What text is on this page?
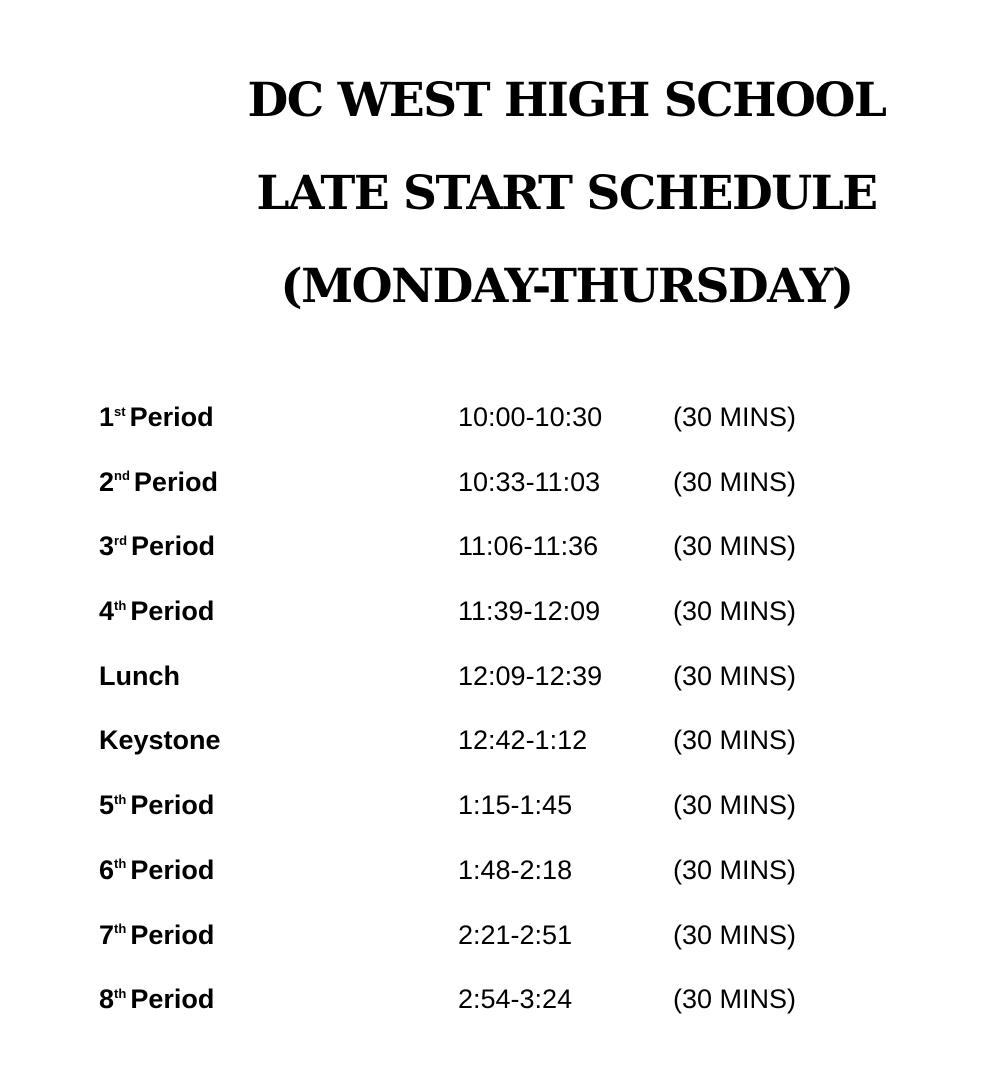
DC WEST HIGH SCHOOL
LATE START SCHEDULE
(MONDAY-THURSDAY)
1st Period	10:00-10:30	(30 MINS)
2nd Period	10:33-11:03	(30 MINS)
3rd Period	11:06-11:36	(30 MINS)
4th Period	11:39-12:09	(30 MINS)
Lunch	12:09-12:39	(30 MINS)
Keystone	12:42-1:12	(30 MINS)
5th Period	1:15-1:45	(30 MINS)
6th Period	1:48-2:18	(30 MINS)
7th Period	2:21-2:51	(30 MINS)
8th Period	2:54-3:24	(30 MINS)
